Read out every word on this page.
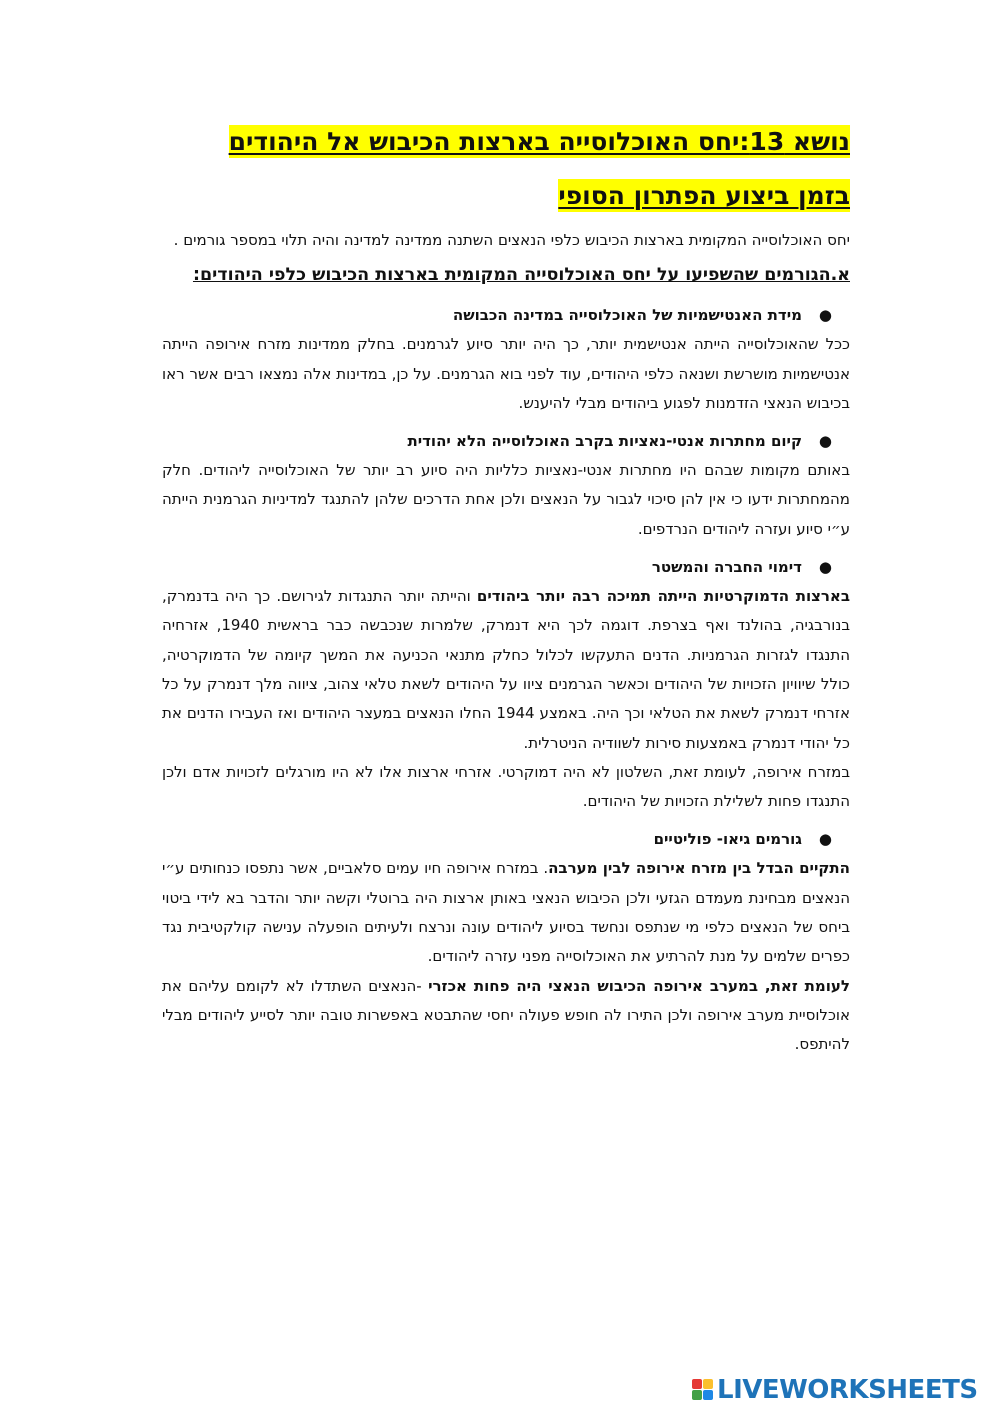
נושא 13:יחס האוכלוסייה בארצות הכיבוש אל היהודים
בזמן ביצוע הפתרון הסופי

יחס האוכלוסייה המקומית בארצות הכיבוש כלפי הנאצים השתנה ממדינה למדינה והיה תלוי במספר גורמים .

א.הגורמים שהשפיעו על יחס האוכלוסייה המקומית בארצות הכיבוש כלפי היהודים:
●
מידת האנטישמיות של האוכלוסייה במדינה הכבושה

ככל שהאוכלוסייה הייתה אנטישמית יותר, כך היה יותר סיוע לגרמנים. בחלק ממדינות מזרח אירופה הייתה אנטישמיות מושרשת ושנאה כלפי היהודים, עוד לפני בוא הגרמנים. על כן, במדינות אלה נמצאו רבים אשר ראו בכיבוש הנאצי הזדמנות לפגוע ביהודים מבלי להיענש.

●
קיום מחתרות אנטי-נאציות בקרב האוכלוסייה הלא יהודית

באותם מקומות שבהם היו מחתרות אנטי-נאציות כלליות היה סיוע רב יותר של האוכלוסייה ליהודים. חלק מהמחתרות ידעו כי אין להן סיכוי לגבור על הנאצים ולכן אחת הדרכים שלהן להתנגד למדיניות הגרמנית הייתה ע״י סיוע ועזרה ליהודים הנרדפים.

●
דימוי החברה והמשטר

בארצות הדמוקרטיות הייתה תמיכה רבה יותר ביהודים והייתה יותר התנגדות לגירושם. כך היה בדנמרק, בנורבגיה, בהולנד ואף בצרפת. דוגמה לכך היא דנמרק, שלמרות שנכבשה כבר בראשית 1940, אזרחיה התנגדו לגזרות הגרמניות. הדנים התעקשו לכלול כחלק מתנאי הכניעה את המשך קיומה של הדמוקרטיה, כולל שיוויון הזכויות של היהודים וכאשר הגרמנים ציוו על היהודים לשאת טלאי צהוב, ציווה מלך דנמרק על כל אזרחי דנמרק לשאת את הטלאי וכך היה. באמצע 1944 החלו הנאצים במעצר היהודים ואז העבירו הדנים את כל יהודי דנמרק באמצעות סירות לשוודיה הניטרלית.

במזרח אירופה, לעומת זאת, השלטון לא היה דמוקרטי. אזרחי ארצות אלו לא היו מורגלים לזכויות אדם ולכן התנגדו פחות לשלילת הזכויות של היהודים.

●
גורמים גיאו- פוליטיים

התקיים הבדל בין מזרח אירופה לבין מערבה. במזרח אירופה חיו עמים סלאביים, אשר נתפסו כנחותים ע״י הנאצים מבחינת מעמדם הגזעי ולכן הכיבוש הנאצי באותן ארצות היה ברוטלי וקשה יותר והדבר בא לידי ביטוי ביחס של הנאצים כלפי מי שנתפס ונחשד בסיוע ליהודים עונה ונרצח ולעיתים הופעלה ענישה קולקטיבית נגד כפרים שלמים על מנת להרתיע את האוכלוסייה מפני עזרה ליהודים.

לעומת זאת, במערב אירופה הכיבוש הנאצי היה פחות אכזרי -הנאצים השתדלו לא לקומם עליהם את אוכלוסיית מערב אירופה ולכן התירו לה חופש פעולה יחסי שהתבטא באפשרות טובה יותר לסייע ליהודים מבלי להיתפס.

LIVEWORKSHEETS
